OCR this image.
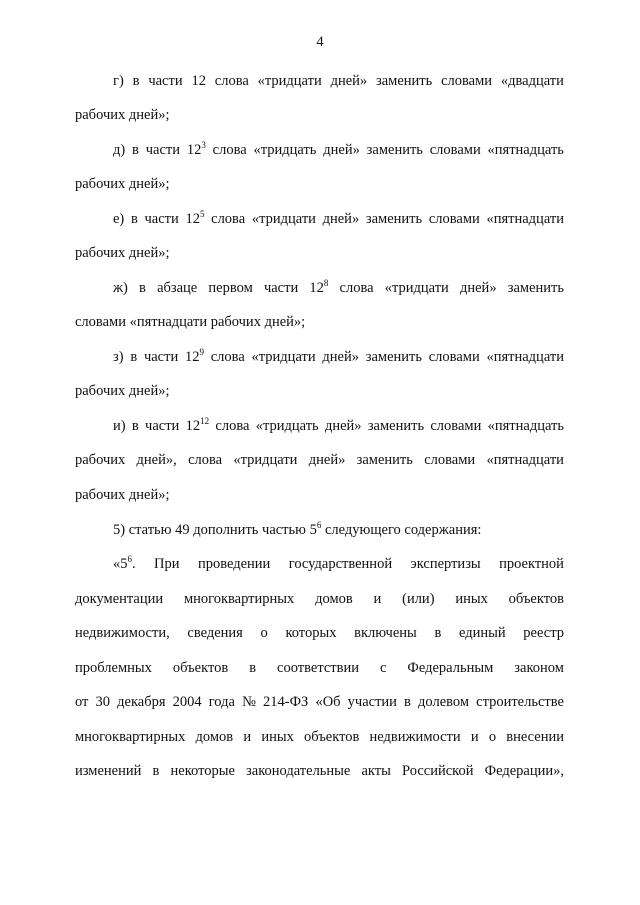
4
г) в части 12 слова «тридцати дней» заменить словами «двадцати
рабочих дней»;
д) в части $12^3$ слова «тридцать дней» заменить словами «пятнадцать
рабочих дней»;
е) в части $12^5$ слова «тридцати дней» заменить словами «пятнадцати
рабочих дней»;
ж) в абзаце первом части $12^8$ слова «тридцати дней» заменить
словами «пятнадцати рабочих дней»;
з) в части $12^9$ слова «тридцати дней» заменить словами «пятнадцати
рабочих дней»;
и) в части $12^{12}$ слова «тридцать дней» заменить словами «пятнадцать
рабочих дней», слова «тридцати дней» заменить словами «пятнадцати
рабочих дней»;
5) статью 49 дополнить частью $5^6$ следующего содержания:
«$5^6$. При проведении государственной экспертизы проектной
документации многоквартирных домов и (или) иных объектов
недвижимости, сведения о которых включены в единый реестр
проблемных объектов в соответствии с Федеральным законом
от 30 декабря 2004 года № 214-ФЗ «Об участии в долевом строительстве
многоквартирных домов и иных объектов недвижимости и о внесении
изменений в некоторые законодательные акты Российской Федерации»,
